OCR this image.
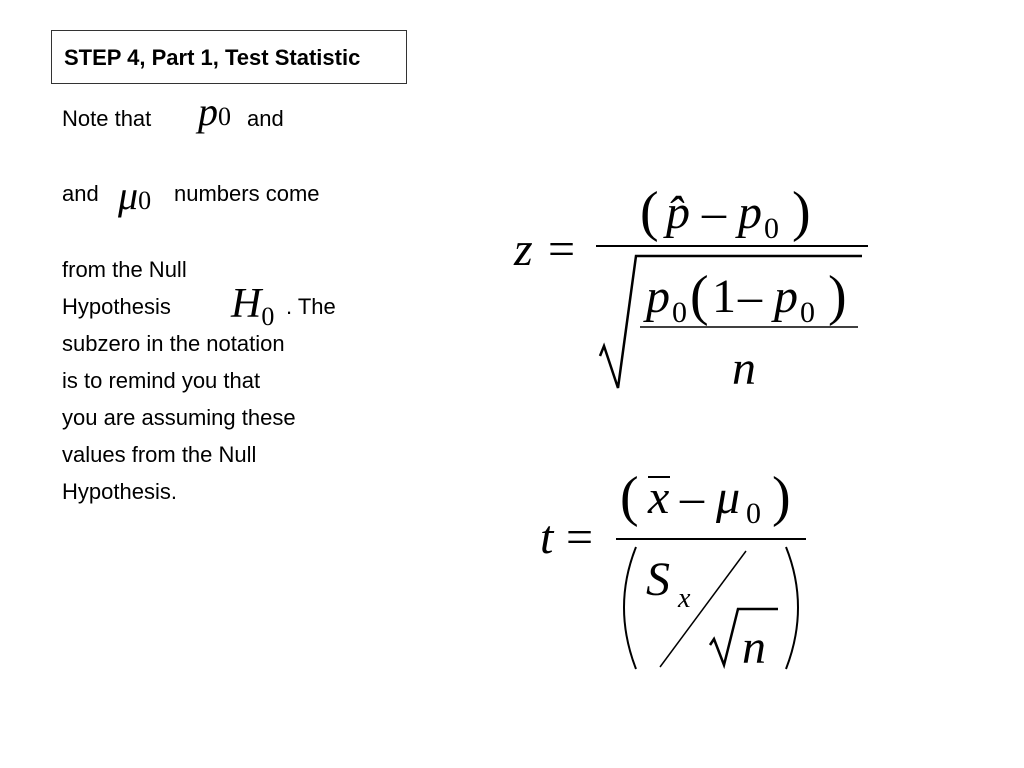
STEP 4, Part 1, Test Statistic
Note that p0 and
and μ0 numbers come
from the Null
Hypothesis H0 . The
subzero in the notation
is to remind you that
you are assuming these
values from the Null
Hypothesis.
z =
( p̂ – p 0 )
p 0 ( 1 – p 0 )
n
t =
( x – μ 0 )
S x
n
